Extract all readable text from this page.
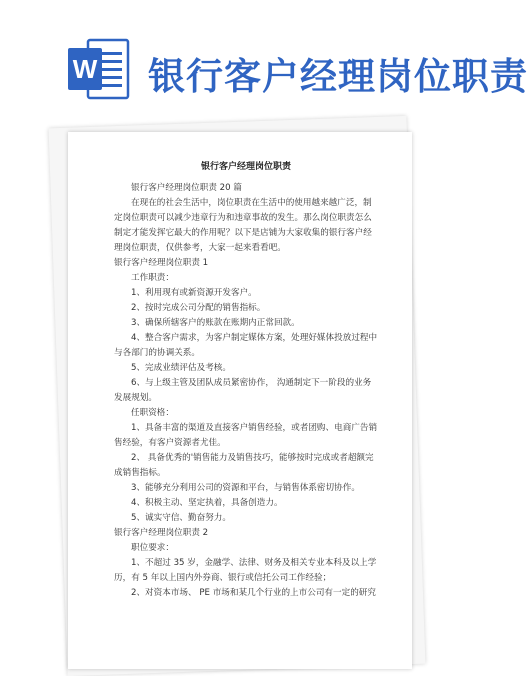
W 银行客户经理岗位职责

银行客户经理岗位职责

银行客户经理岗位职责 20 篇

在现在的社会生活中，岗位职责在生活中的使用越来越广泛，制定岗位职责可以减少违章行为和违章事故的发生。那么岗位职责怎么制定才能发挥它最大的作用呢？以下是店铺为大家收集的银行客户经理岗位职责，仅供参考，大家一起来看看吧。

银行客户经理岗位职责 1

工作职责：

1、利用现有或新资源开发客户。

2、按时完成公司分配的销售指标。

3、确保所辖客户的账款在账期内正常回款。

4、整合客户需求，为客户制定媒体方案，处理好媒体投放过程中与各部门的协调关系。

5、完成业绩评估及考核。

6、与上级主管及团队成员紧密协作， 沟通制定下一阶段的业务发展规划。

任职资格：

1、具备丰富的渠道及直接客户销售经验，或者团购、电商广告销售经验，有客户资源者尤佳。

2、 具备优秀的'销售能力及销售技巧，能够按时完成或者超额完成销售指标。

3、能够充分利用公司的资源和平台，与销售体系密切协作。

4、积极主动、坚定执着，具备创造力。

5、诚实守信、勤奋努力。

银行客户经理岗位职责 2

职位要求：

1、不超过 35 岁，金融学、法律、财务及相关专业本科及以上学历，有 5 年以上国内外券商、银行或信托公司工作经验；

2、对资本市场、 PE 市场和某几个行业的上市公司有一定的研究
